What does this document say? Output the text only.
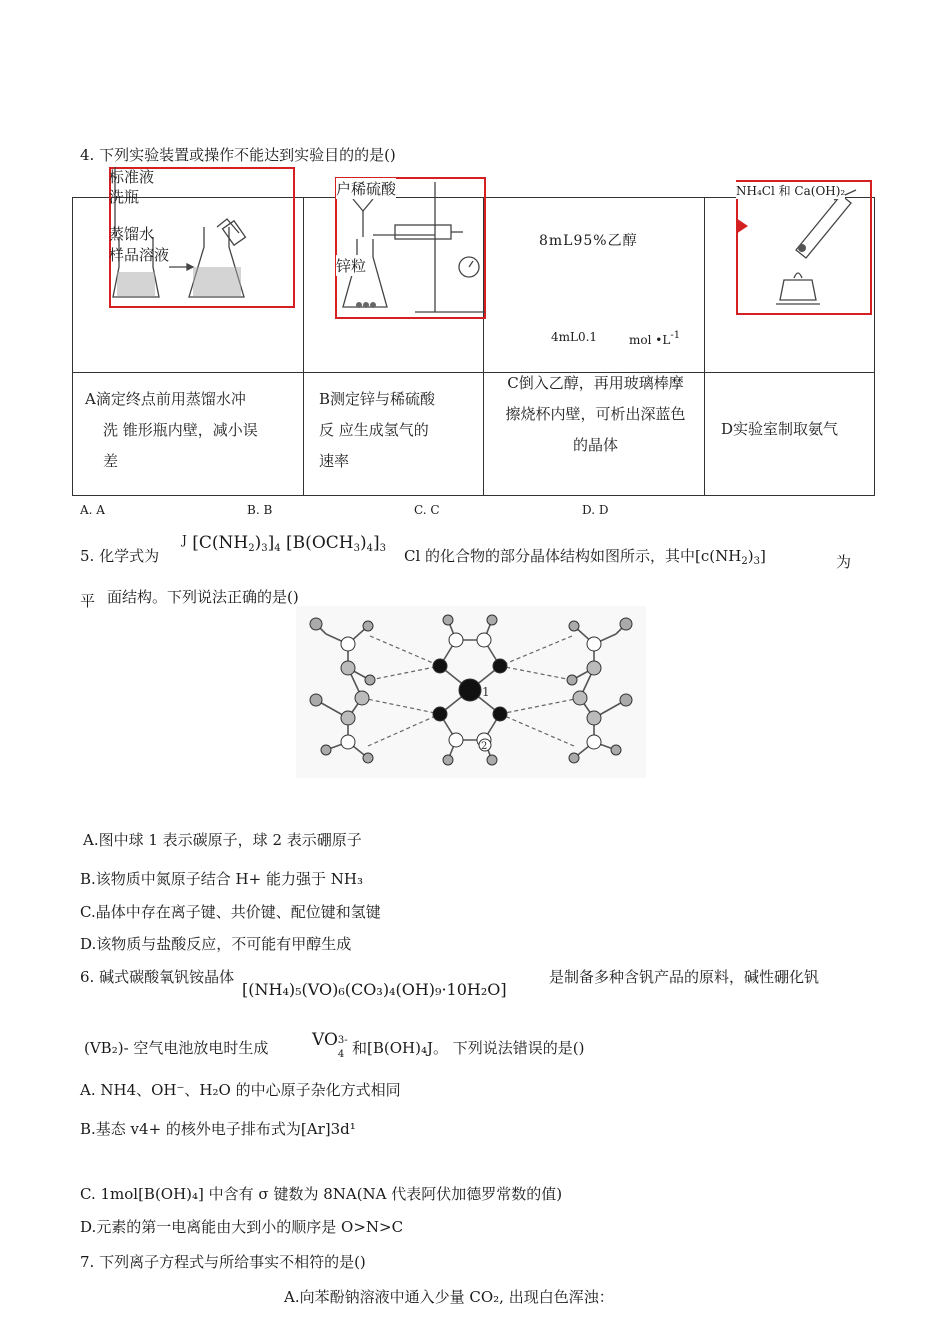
4. 下列实验装置或操作不能达到实验目的的是()
A滴定终点前用蒸馏水冲
洗 锥形瓶内壁，减小误
差
B测定锌与稀硫酸
反 应生成氢气的
速率
C倒入乙醇，再用玻璃棒摩
擦烧杯内壁，可析出深蓝色
的晶体
D实验室制取氨气
8mL95%乙醇
4mL0.1	mol $•L^{-1}$
标准液
洗瓶
蒸馏水
样品溶液
户稀硫酸
锌粒
NH₄Cl 和 Ca(OH)₂
A. A	B. B	C. C	D. D
5. 化学式为
$^J$ $[C(NH_2)_3]_4$ $[B(OCH_3)_4]_3$ Cl 的化合物的部分晶体结构如图所示，其中$[c(NH_2)_3]$	为
平 面结构。下列说法正确的是()
1
2
A.图中球 1 表示碳原子，球 2 表示硼原子
B.该物质中氮原子结合 H+ 能力强于 NH₃
C.晶体中存在离子键、共价键、配位键和氢键
D.该物质与盐酸反应，不可能有甲醇生成
6. 碱式碳酸氧钒铵晶体
[(NH₄)₅(VO)₆(CO₃)₄(OH)₉·10H₂O]
是制备多种含钒产品的原料，碱性硼化钒
(VB₂)- 空气电池放电时生成	VO 3-
4 和[B(OH)₄J。 下列说法错误的是()
A. NH4、OH⁻、H₂O 的中心原子杂化方式相同
B.基态 v4+ 的核外电子排布式为[Ar]3d¹
C. 1mol[B(OH)₄] 中含有 σ 键数为 8NA(NA 代表阿伏加德罗常数的值)
D.元素的第一电离能由大到小的顺序是 O>N>C
7. 下列离子方程式与所给事实不相符的是()
A.向苯酚钠溶液中通入少量 CO₂, 出现白色浑浊：
